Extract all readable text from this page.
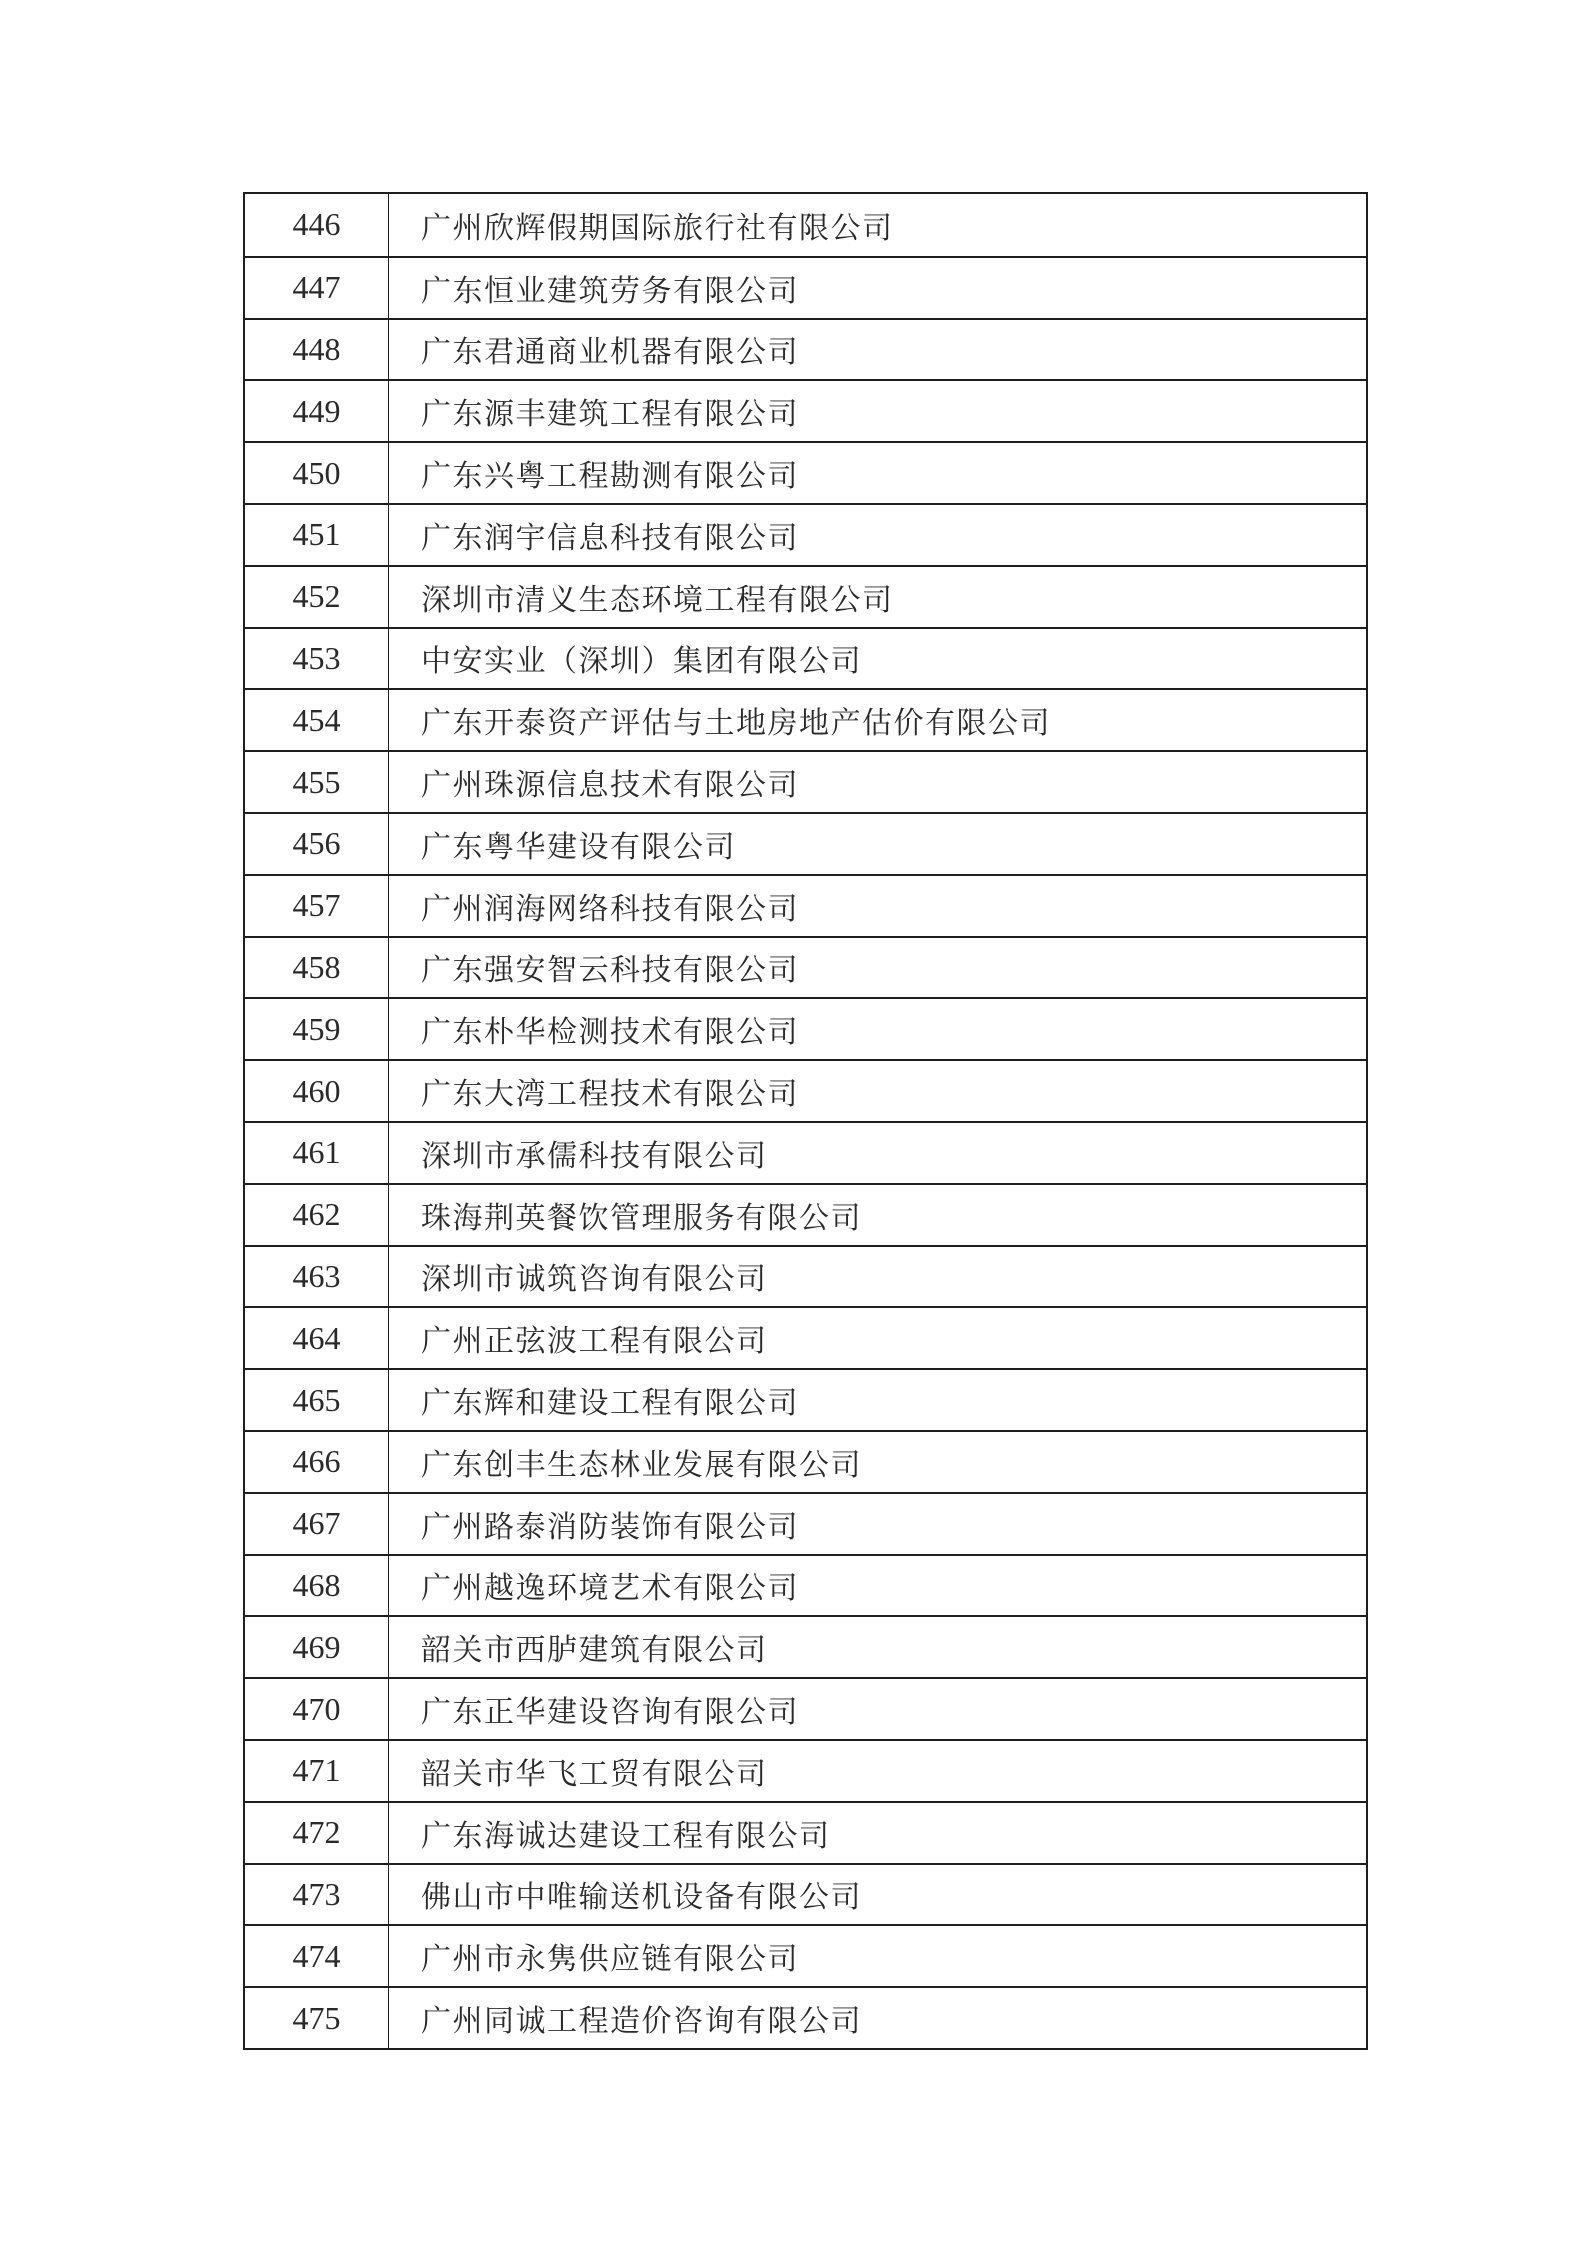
446	广州欣辉假期国际旅行社有限公司
447	广东恒业建筑劳务有限公司
448	广东君通商业机器有限公司
449	广东源丰建筑工程有限公司
450	广东兴粤工程勘测有限公司
451	广东润宇信息科技有限公司
452	深圳市清义生态环境工程有限公司
453	中安实业（深圳）集团有限公司
454	广东开泰资产评估与土地房地产估价有限公司
455	广州珠源信息技术有限公司
456	广东粤华建设有限公司
457	广州润海网络科技有限公司
458	广东强安智云科技有限公司
459	广东朴华检测技术有限公司
460	广东大湾工程技术有限公司
461	深圳市承儒科技有限公司
462	珠海荆英餐饮管理服务有限公司
463	深圳市诚筑咨询有限公司
464	广州正弦波工程有限公司
465	广东辉和建设工程有限公司
466	广东创丰生态林业发展有限公司
467	广州路泰消防装饰有限公司
468	广州越逸环境艺术有限公司
469	韶关市西胪建筑有限公司
470	广东正华建设咨询有限公司
471	韶关市华飞工贸有限公司
472	广东海诚达建设工程有限公司
473	佛山市中唯输送机设备有限公司
474	广州市永隽供应链有限公司
475	广州同诚工程造价咨询有限公司
